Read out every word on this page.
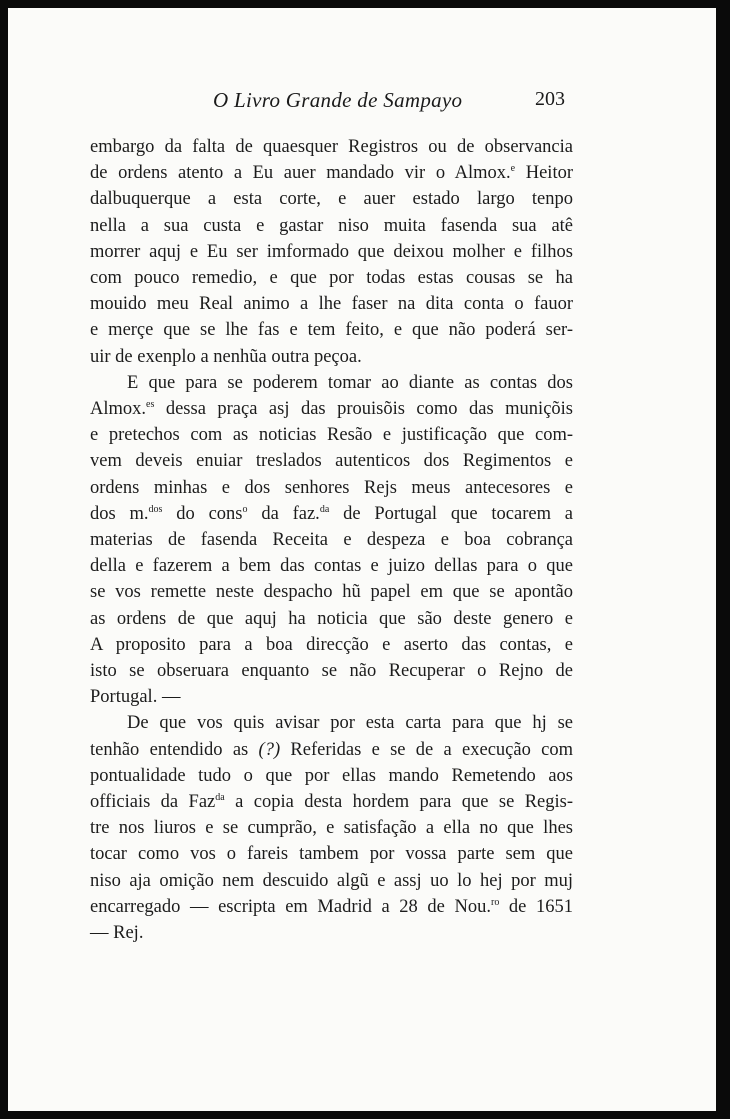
O Livro Grande de Sampayo	203
embargo da falta de quaesquer Registros ou de observancia
de ordens atento a Eu auer mandado vir o Almox.$^e$ Heitor
dalbuquerque a esta corte, e auer estado largo tenpo
nella a sua custa e gastar niso muita fasenda sua atê
morrer aquj e Eu ser imformado que deixou molher e filhos
com pouco remedio, e que por todas estas cousas se ha
mouido meu Real animo a lhe faser na dita conta o fauor
e merçe que se lhe fas e tem feito, e que não poderá ser-
uir de exenplo a nenhũa outra peçoa.
E que para se poderem tomar ao diante as contas dos
Almox.$^{es}$ dessa praça asj das prouisõis como das muniçõis
e pretechos com as noticias Resão e justificação que com-
vem deveis enuiar treslados autenticos dos Regimentos e
ordens minhas e dos senhores Rejs meus antecesores e
dos m.$^{dos}$ do cons$^o$ da faz.$^{da}$ de Portugal que tocarem a
materias de fasenda Receita e despeza e boa cobrança
della e fazerem a bem das contas e juizo dellas para o que
se vos remette neste despacho hũ papel em que se apontão
as ordens de que aquj ha noticia que são deste genero e
A proposito para a boa direcção e aserto das contas, e
isto se obseruara enquanto se não Recuperar o Rejno de
Portugal. —
De que vos quis avisar por esta carta para que hj se
tenhão entendido as (?) Referidas e se de a execução com
pontualidade tudo o que por ellas mando Remetendo aos
officiais da Faz$^{da}$ a copia desta hordem para que se Regis-
tre nos liuros e se cumprão, e satisfação a ella no que lhes
tocar como vos o fareis tambem por vossa parte sem que
niso aja omição nem descuido algũ e assj uo lo hej por muj
encarregado — escripta em Madrid a 28 de Nou.$^{ro}$ de 1651
— Rej.
